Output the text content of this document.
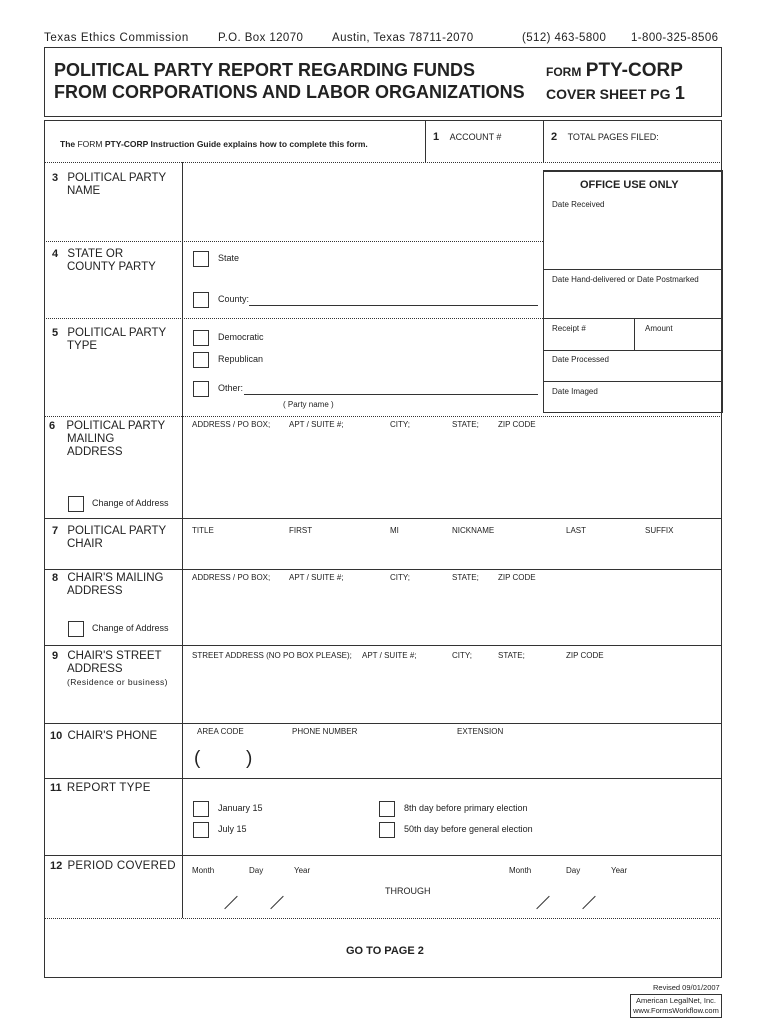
Texas Ethics Commission	P.O. Box 12070 Austin, Texas 78711-2070	(512) 463-5800 1-800-325-8506
POLITICAL PARTY REPORT REGARDING FUNDS
FROM CORPORATIONS AND LABOR ORGANIZATIONS
FORM PTY-CORP
COVER SHEET PG 1
The FORM PTY-CORP Instruction Guide explains how to complete this form.
1 ACCOUNT #	2 TOTAL PAGES FILED:
OFFICE USE ONLY
Date Received
Date Hand-delivered or Date Postmarked
Receipt #	Amount
Date Processed
Date Imaged
3 POLITICAL PARTY
NAME
4 STATE OR
COUNTY PARTY
State
County:
5 POLITICAL PARTY
TYPE
Democratic
Republican
Other:
( Party name )
6 POLITICAL PARTY
MAILING
ADDRESS
ADDRESS / PO BOX; APT / SUITE #;	CITY;	STATE; ZIP CODE
Change of Address
7 POLITICAL PARTY
CHAIR
TITLE	FIRST	MI	NICKNAME	LAST	SUFFIX
8 CHAIR'S MAILING
ADDRESS
ADDRESS / PO BOX; APT / SUITE #;	CITY;	STATE; ZIP CODE
Change of Address
9 CHAIR'S STREET
ADDRESS
(Residence or business)
STREET ADDRESS (NO PO BOX PLEASE); APT / SUITE #;	CITY;	STATE;	ZIP CODE
10 CHAIR'S PHONE	AREA CODE	PHONE NUMBER	EXTENSION
( )
11 REPORT TYPE
January 15
July 15
8th day before primary election
50th day before general election
12 PERIOD COVERED Month	Day	Year	Month	Day	Year
THROUGH
GO TO PAGE 2
Revised 09/01/2007
American LegalNet, Inc.
www.FormsWorkflow.com
